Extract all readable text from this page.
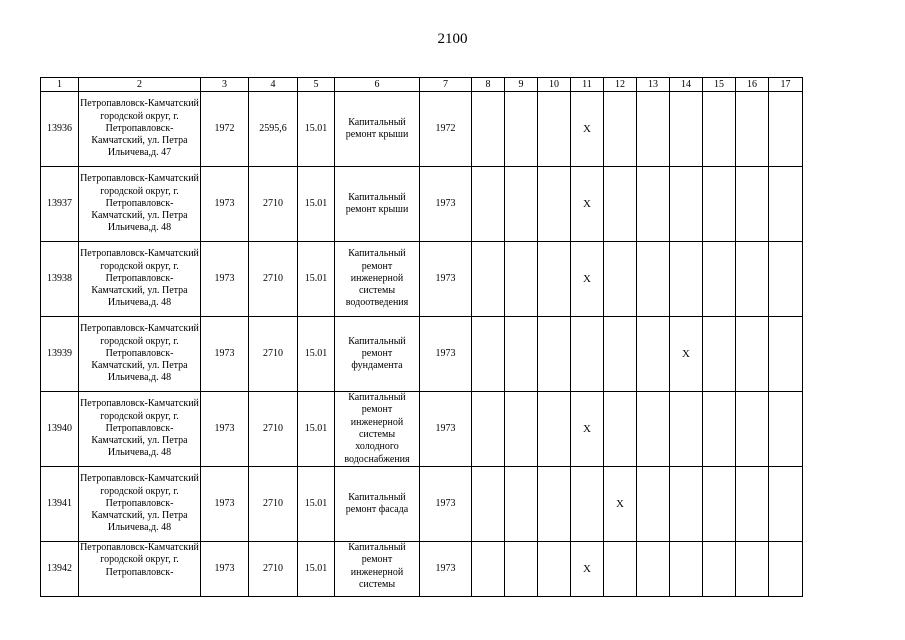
2100
1	2	3	4	5	6	7	8	9	10	11	12	13	14	15	16	17
13936	Петропавловск-Камчатский городской округ, г. Петропавловск-Камчатский, ул. Петра Ильичева,д. 47	1972	2595,6	15.01	Капитальный ремонт крыши	1972				X						
13937	Петропавловск-Камчатский городской округ, г. Петропавловск-Камчатский, ул. Петра Ильичева,д. 48	1973	2710	15.01	Капитальный ремонт крыши	1973				X						
13938	Петропавловск-Камчатский городской округ, г. Петропавловск-Камчатский, ул. Петра Ильичева,д. 48	1973	2710	15.01	Капитальный ремонт инженерной системы водоотведения	1973				X						
13939	Петропавловск-Камчатский городской округ, г. Петропавловск-Камчатский, ул. Петра Ильичева,д. 48	1973	2710	15.01	Капитальный ремонт фундамента	1973							X			
13940	Петропавловск-Камчатский городской округ, г. Петропавловск-Камчатский, ул. Петра Ильичева,д. 48	1973	2710	15.01	Капитальный ремонт инженерной системы холодного водоснабжения	1973				X						
13941	Петропавловск-Камчатский городской округ, г. Петропавловск-Камчатский, ул. Петра Ильичева,д. 48	1973	2710	15.01	Капитальный ремонт фасада	1973					X					
13942	Петропавловск-Камчатский городской округ, г. Петропавловск-	1973	2710	15.01	Капитальный ремонт инженерной системы	1973				X						
